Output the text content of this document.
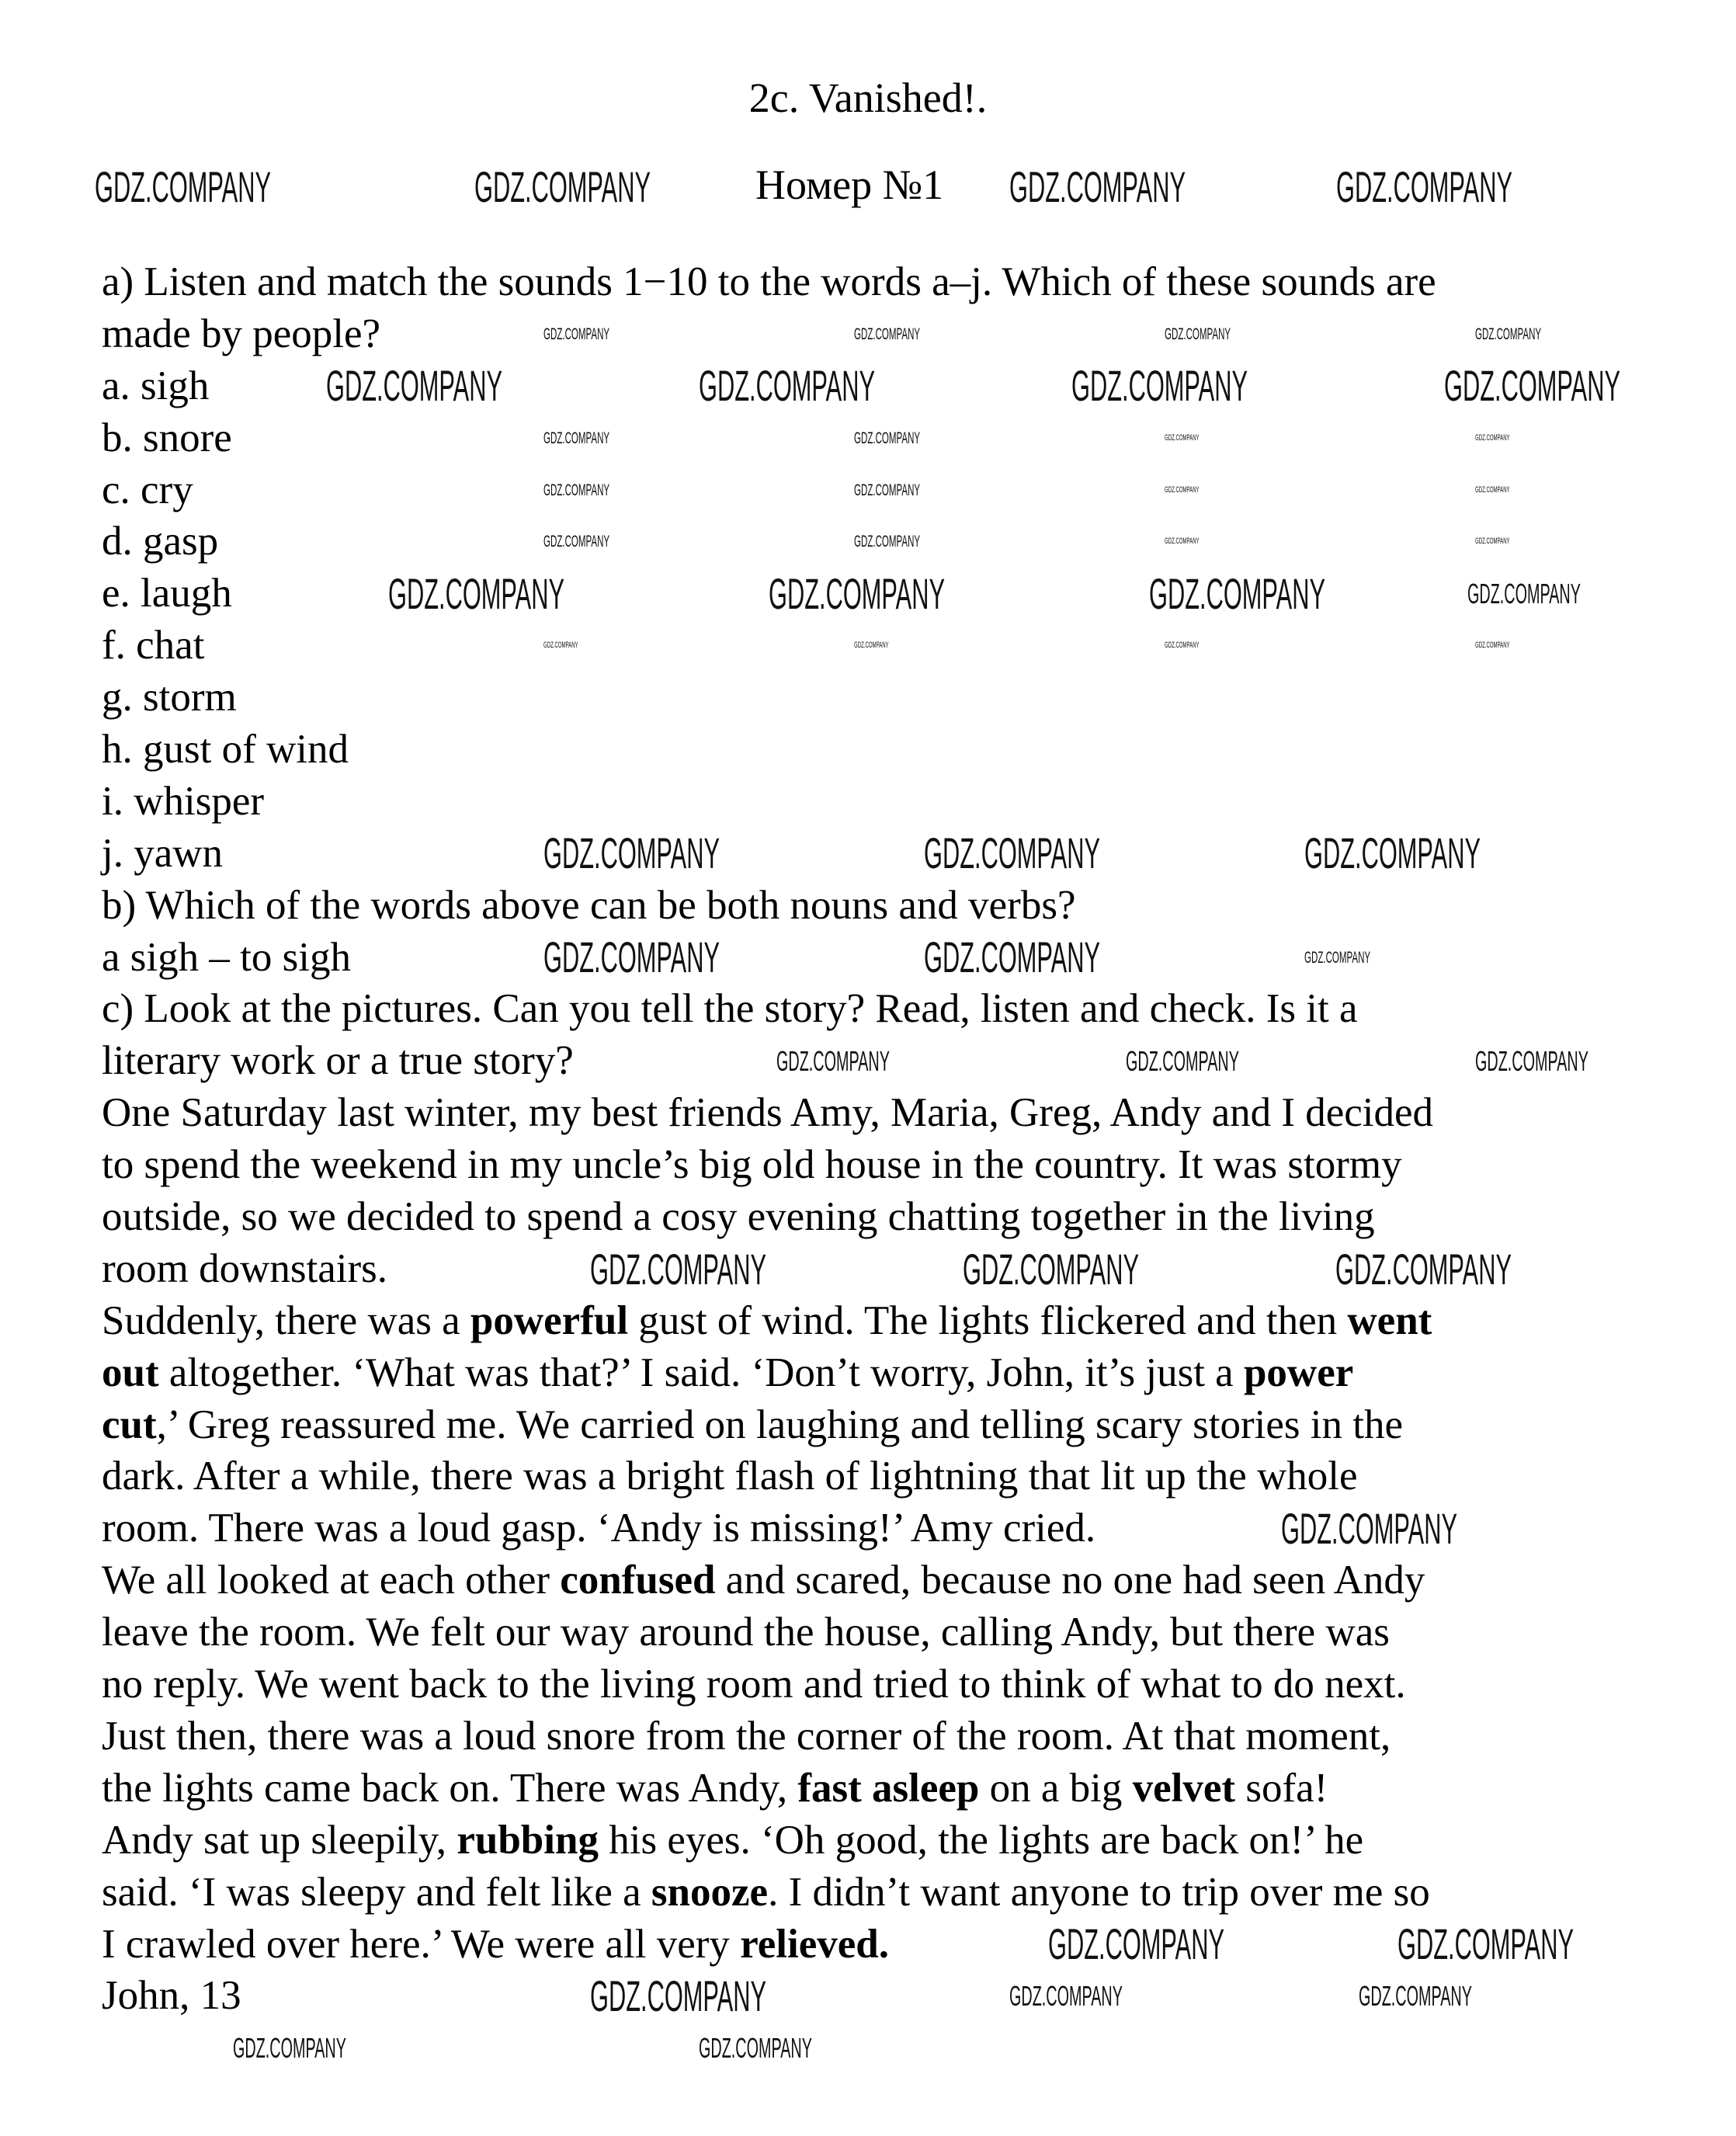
2c. Vanished!.
Номер №1
a) Listen and match the sounds 1−10 to the words a–j. Which of these sounds are
made by people?
a. sigh
b. snore
c. cry
d. gasp
e. laugh
f. chat
g. storm
h. gust of wind
i. whisper
j. yawn
b) Which of the words above can be both nouns and verbs?
a sigh – to sigh
c) Look at the pictures. Can you tell the story? Read, listen and check. Is it a
literary work or a true story?
One Saturday last winter, my best friends Amy, Maria, Greg, Andy and I decided
to spend the weekend in my uncle’s big old house in the country. It was stormy
outside, so we decided to spend a cosy evening chatting together in the living
room downstairs.
Suddenly, there was a powerful gust of wind. The lights flickered and then went
out altogether. ‘What was that?’ I said. ‘Don’t worry, John, it’s just a power
cut,’ Greg reassured me. We carried on laughing and telling scary stories in the
dark. After a while, there was a bright flash of lightning that lit up the whole
room. There was a loud gasp. ‘Andy is missing!’ Amy cried.
We all looked at each other confused and scared, because no one had seen Andy
leave the room. We felt our way around the house, calling Andy, but there was
no reply. We went back to the living room and tried to think of what to do next.
Just then, there was a loud snore from the corner of the room. At that moment,
the lights came back on. There was Andy, fast asleep on a big velvet sofa!
Andy sat up sleepily, rubbing his eyes. ‘Oh good, the lights are back on!’ he
said. ‘I was sleepy and felt like a snooze. I didn’t want anyone to trip over me so
I crawled over here.’ We were all very relieved.
John, 13
GDZ.COMPANY	GDZ.COMPANY	GDZ.COMPANY	GDZ.COMPANY
GDZ.COMPANY	GDZ.COMPANY	GDZ.COMPANY	GDZ.COMPANY
GDZ.COMPANY	GDZ.COMPANY	GDZ.COMPANY	GDZ.COMPANY
GDZ.COMPANY	GDZ.COMPANY	GDZ.COMPANY
GDZ.COMPANY	GDZ.COMPANY	GDZ.COMPANY
GDZ.COMPANY	GDZ.COMPANY	GDZ.COMPANY
GDZ.COMPANY
GDZ.COMPANY	GDZ.COMPANY
GDZ.COMPANY
GDZ.COMPANY	GDZ.COMPANY	GDZ.COMPANY
GDZ.COMPANY	GDZ.COMPANY
GDZ.COMPANY	GDZ.COMPANY
GDZ.COMPANY	GDZ.COMPANY	GDZ.COMPANY	GDZ.COMPANY
GDZ.COMPANY	GDZ.COMPANY
GDZ.COMPANY	GDZ.COMPANY
GDZ.COMPANY	GDZ.COMPANY
GDZ.COMPANY	GDZ.COMPANY
GDZ.COMPANY	GDZ.COMPANY
GDZ.COMPANY	GDZ.COMPANY
GDZ.COMPANY	GDZ.COMPANY	GDZ.COMPANY	GDZ.COMPANY
